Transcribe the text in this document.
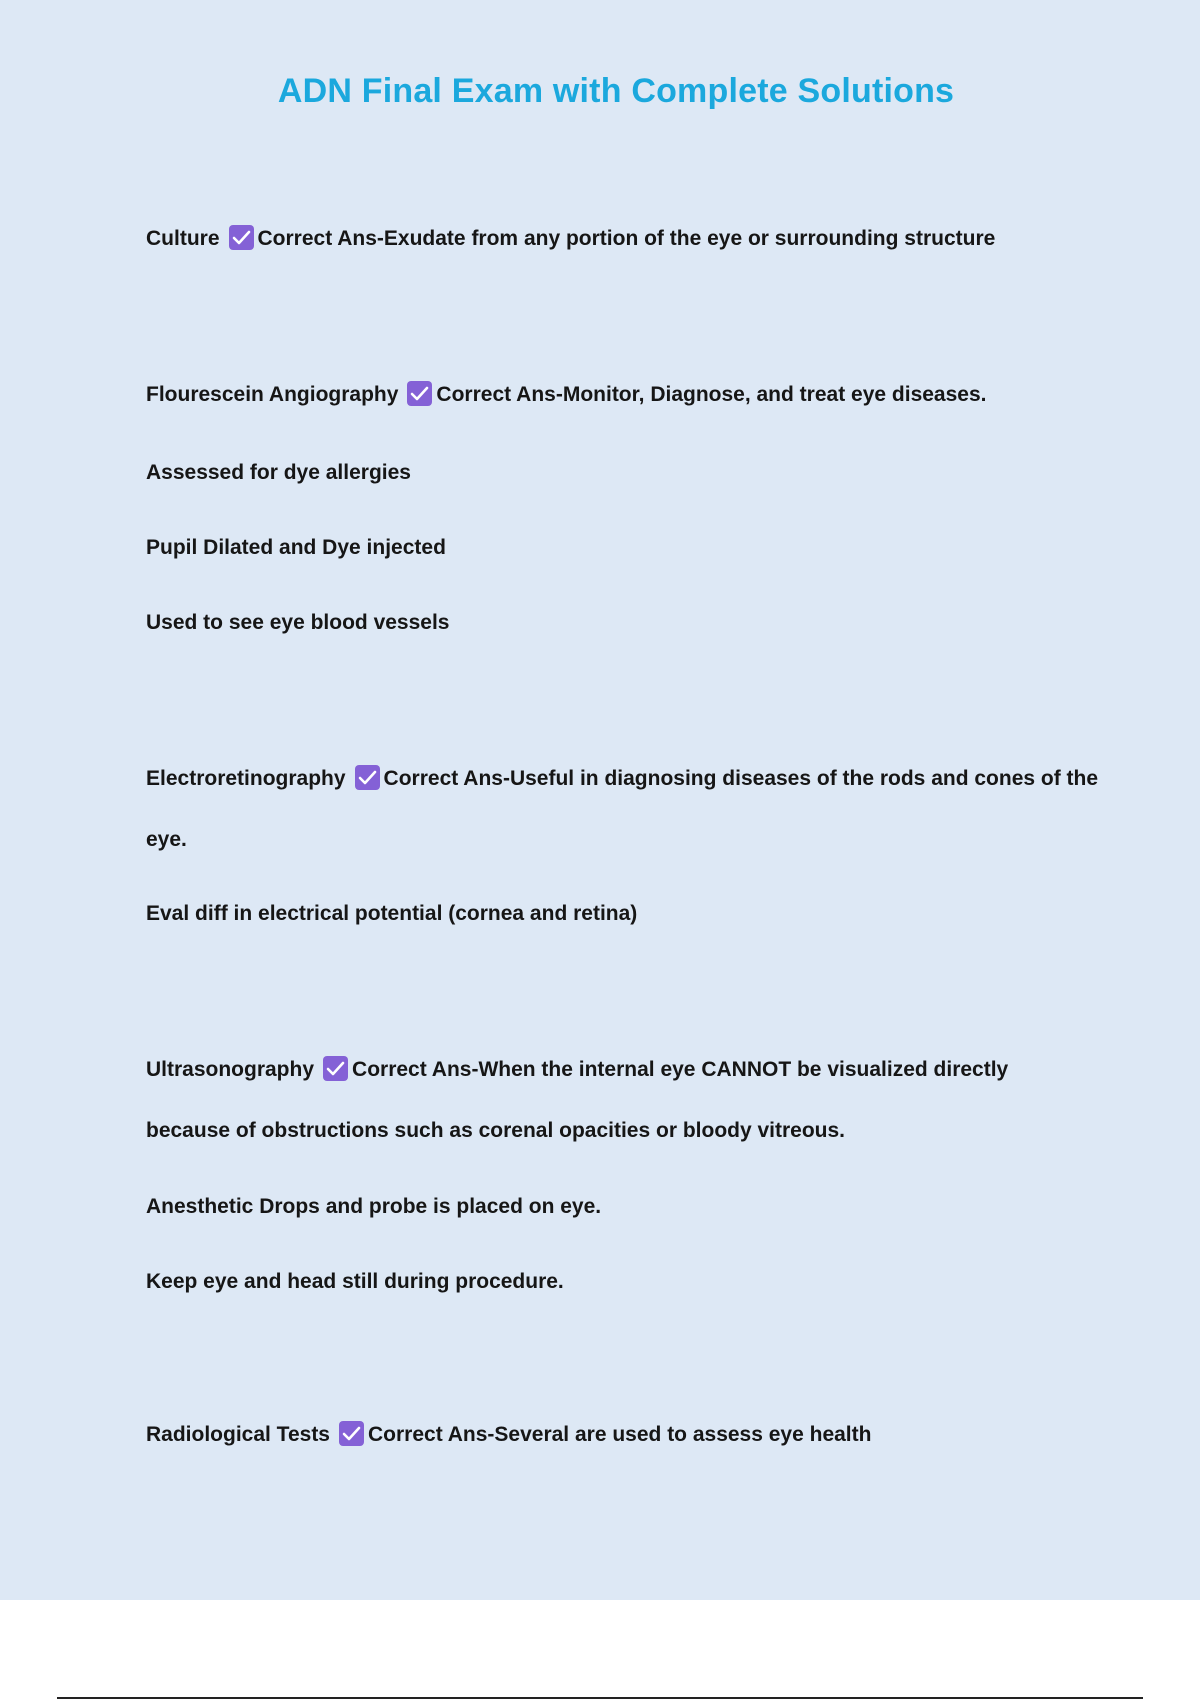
ADN Final Exam with Complete Solutions
Culture Correct Ans-Exudate from any portion of the eye or surrounding structure
Flourescein Angiography Correct Ans-Monitor, Diagnose, and treat eye diseases.
Assessed for dye allergies
Pupil Dilated and Dye injected
Used to see eye blood vessels
Electroretinography Correct Ans-Useful in diagnosing diseases of the rods and cones of the
eye.
Eval diff in electrical potential (cornea and retina)
Ultrasonography Correct Ans-When the internal eye CANNOT be visualized directly
because of obstructions such as corenal opacities or bloody vitreous.
Anesthetic Drops and probe is placed on eye.
Keep eye and head still during procedure.
Radiological Tests Correct Ans-Several are used to assess eye health
